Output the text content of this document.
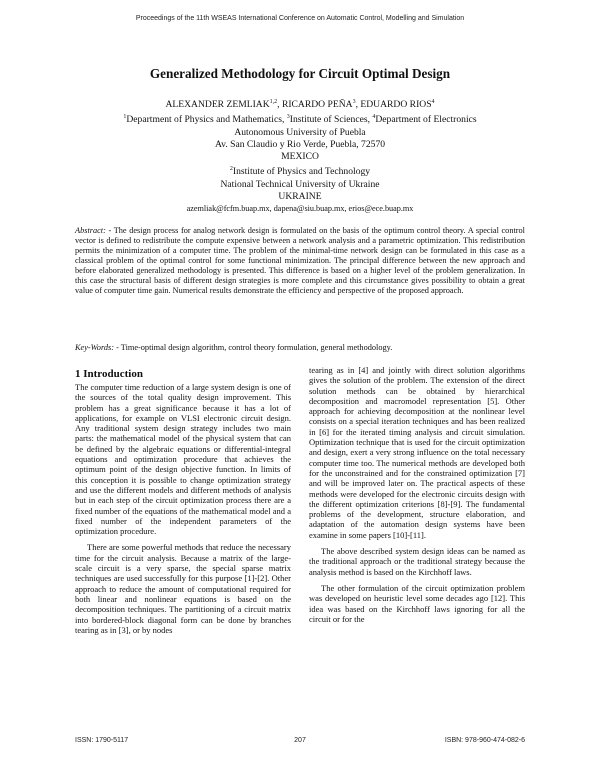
Proceedings of the 11th WSEAS International Conference on Automatic Control, Modelling and Simulation
Generalized Methodology for Circuit Optimal Design
ALEXANDER ZEMLIAK$^{1,2}$, RICARDO PEÑA$^3$, EDUARDO RIOS$^4$
$^1$Department of Physics and Mathematics, $^3$Institute of Sciences, $^4$Department of Electronics
Autonomous University of Puebla
Av. San Claudio y Rio Verde, Puebla, 72570
MEXICO
$^2$Institute of Physics and Technology
National Technical University of Ukraine
UKRAINE
azemliak@fcfm.buap.mx, dapena@siu.buap.mx, erios@ece.buap.mx
Abstract: - The design process for analog network design is formulated on the basis of the optimum control theory. A special control vector is defined to redistribute the compute expensive between a network analysis and a parametric optimization. This redistribution permits the minimization of a computer time. The problem of the minimal-time network design can be formulated in this case as a classical problem of the optimal control for some functional minimization. The principal difference between the new approach and before elaborated generalized methodology is presented. This difference is based on a higher level of the problem generalization. In this case the structural basis of different design strategies is more complete and this circumstance gives possibility to obtain a great value of computer time gain. Numerical results demonstrate the efficiency and perspective of the proposed approach.
Key-Words: - Time-optimal design algorithm, control theory formulation, general methodology.
1 Introduction

The computer time reduction of a large system design is one of the sources of the total quality design improvement. This problem has a great significance because it has a lot of applications, for example on VLSI electronic circuit design. Any traditional system design strategy includes two main parts: the mathematical model of the physical system that can be defined by the algebraic equations or differential-integral equations and optimization procedure that achieves the optimum point of the design objective function. In limits of this conception it is possible to change optimization strategy and use the different models and different methods of analysis but in each step of the circuit optimization process there are a fixed number of the equations of the mathematical model and a fixed number of the independent parameters of the optimization procedure.

There are some powerful methods that reduce the necessary time for the circuit analysis. Because a matrix of the large-scale circuit is a very sparse, the special sparse matrix techniques are used successfully for this purpose [1]-[2]. Other approach to reduce the amount of computational required for both linear and nonlinear equations is based on the decomposition techniques. The partitioning of a circuit matrix into bordered-block diagonal form can be done by branches tearing as in [3], or by nodes

tearing as in [4] and jointly with direct solution algorithms gives the solution of the problem. The extension of the direct solution methods can be obtained by hierarchical decomposition and macromodel representation [5]. Other approach for achieving decomposition at the nonlinear level consists on a special iteration techniques and has been realized in [6] for the iterated timing analysis and circuit simulation. Optimization technique that is used for the circuit optimization and design, exert a very strong influence on the total necessary computer time too. The numerical methods are developed both for the unconstrained and for the constrained optimization [7] and will be improved later on. The practical aspects of these methods were developed for the electronic circuits design with the different optimization criterions [8]-[9]. The fundamental problems of the development, structure elaboration, and adaptation of the automation design systems have been examine in some papers [10]-[11].

The above described system design ideas can be named as the traditional approach or the traditional strategy because the analysis method is based on the Kirchhoff laws.

The other formulation of the circuit optimization problem was developed on heuristic level some decades ago [12]. This idea was based on the Kirchhoff laws ignoring for all the circuit or for the

ISSN: 1790-5117	207	ISBN: 978-960-474-082-6
